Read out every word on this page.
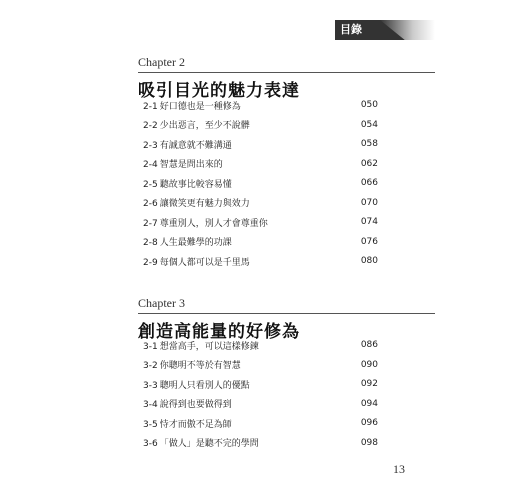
目錄
Chapter 2
吸引目光的魅力表達
2-1 好口德也是一種修為	050
2-2 少出惡言，至少不說髒	054
2-3 有誠意就不難溝通	058
2-4 智慧是問出來的	062
2-5 聽故事比較容易懂	066
2-6 讓微笑更有魅力與效力	070
2-7 尊重別人，別人才會尊重你	074
2-8 人生最難學的功課	076
2-9 每個人都可以是千里馬	080
Chapter 3
創造高能量的好修為
3-1 想當高手，可以這樣修鍊	086
3-2 你聰明不等於有智慧	090
3-3 聰明人只看別人的優點	092
3-4 說得到也要做得到	094
3-5 恃才而傲不足為師	096
3-6 「做人」是聽不完的學問	098
13
